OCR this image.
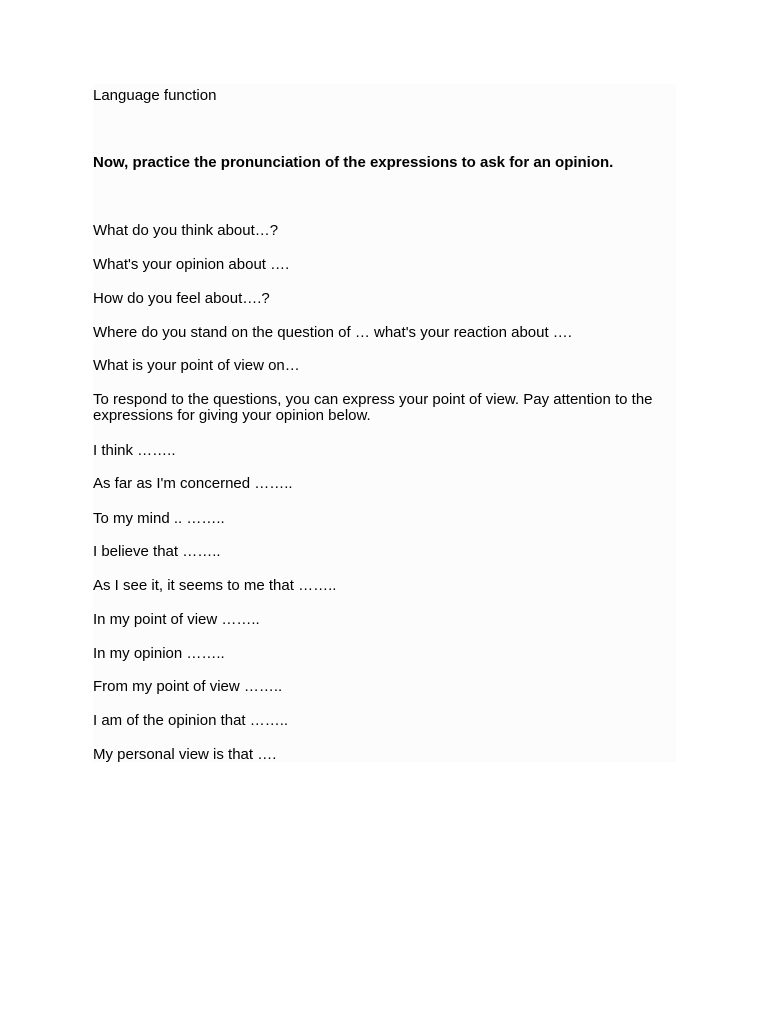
Language function

Now, practice the pronunciation of the expressions to ask for an opinion.

What do you think about…?

What's your opinion about ….

How do you feel about….?

Where do you stand on the question of … what's your reaction about ….

What is your point of view on…

To respond to the questions, you can express your point of view. Pay attention to the expressions for giving your opinion below.

I think ……..

As far as I'm concerned ……..

To my mind .. ……..

I believe that ……..

As I see it, it seems to me that ……..

In my point of view ……..

In my opinion ……..

From my point of view ……..

I am of the opinion that ……..

My personal view is that ….
